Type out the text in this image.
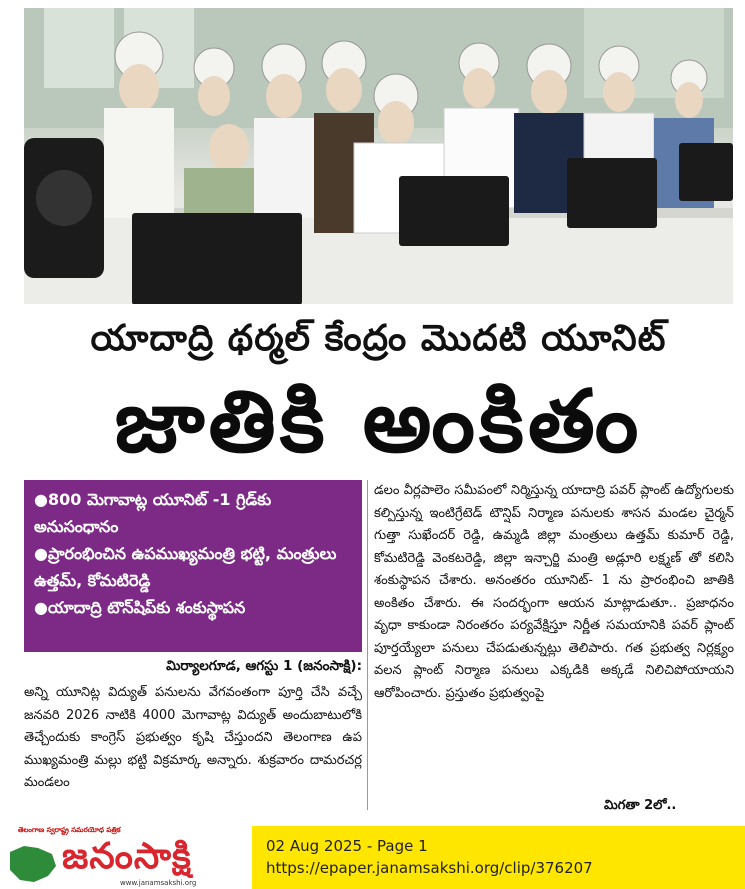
యాదాద్రి థర్మల్ కేంద్రం మొదటి యూనిట్
జాతికి అంకితం
●800 మెగావాట్ల యూనిట్ -1 గ్రిడ్‌కు అనుసంధానం
●ప్రారంభించిన ఉపముఖ్యమంత్రి భట్టి, మంత్రులు ఉత్తమ్, కోమటిరెడ్డి
●యాదాద్రి టౌన్‌షిప్‌కు శంకుస్థాపన
మిర్యాలగూడ, ఆగస్టు 1 (జనంసాక్షి):
అన్ని యూనిట్ల విద్యుత్ పనులను వేగవంతంగా పూర్తి చేసి వచ్చే జనవరి 2026 నాటికి 4000 మెగావాట్ల విద్యుత్ అందుబాటులోకి తెచ్చేందుకు కాంగ్రెస్ ప్రభుత్వం కృషి చేస్తుందని తెలంగాణ ఉప ముఖ్యమంత్రి మల్లు భట్టి విక్రమార్క అన్నారు. శుక్రవారం దామరచర్ల మండలం
డలం వీర్లపాలెం సమీపంలో నిర్మిస్తున్న యాదాద్రి పవర్ ప్లాంట్ ఉద్యోగులకు కల్పిస్తున్న ఇంటిగ్రేటెడ్ టౌన్షిప్ నిర్మాణ పనులకు శాసన మండల చైర్మన్ గుత్తా సుఖేందర్ రెడ్డి, ఉమ్మడి జిల్లా మంత్రులు ఉత్తమ్ కుమార్ రెడ్డి, కోమటిరెడ్డి వెంకటరెడ్డి, జిల్లా ఇన్చార్జి మంత్రి అడ్లూరి లక్ష్మణ్ తో కలిసి శంకుస్థాపన చేశారు. అనంతరం యూనిట్- 1 ను ప్రారంభించి జాతికి అంకితం చేశారు. ఈ సందర్భంగా ఆయన మాట్లాడుతూ.. ప్రజాధనం వృధా కాకుండా నిరంతరం పర్యవేక్షిస్తూ నిర్ణీత సమయానికి పవర్ ప్లాంట్ పూర్తయ్యేలా పనులు చేపడుతున్నట్లు తెలిపారు. గత ప్రభుత్వ నిర్లక్ష్యం వలన ప్లాంట్ నిర్మాణ పనులు ఎక్కడికి అక్కడే నిలిచిపోయాయని ఆరోపించారు. ప్రస్తుతం ప్రభుత్వంపై
మిగతా 2లో..
తెలంగాణ స్వరాష్ట్ర సమరయోధ పత్రిక
జనంసాక్షి
www.janamsakshi.org
02 Aug 2025 - Page 1
https://epaper.janamsakshi.org/clip/376207
